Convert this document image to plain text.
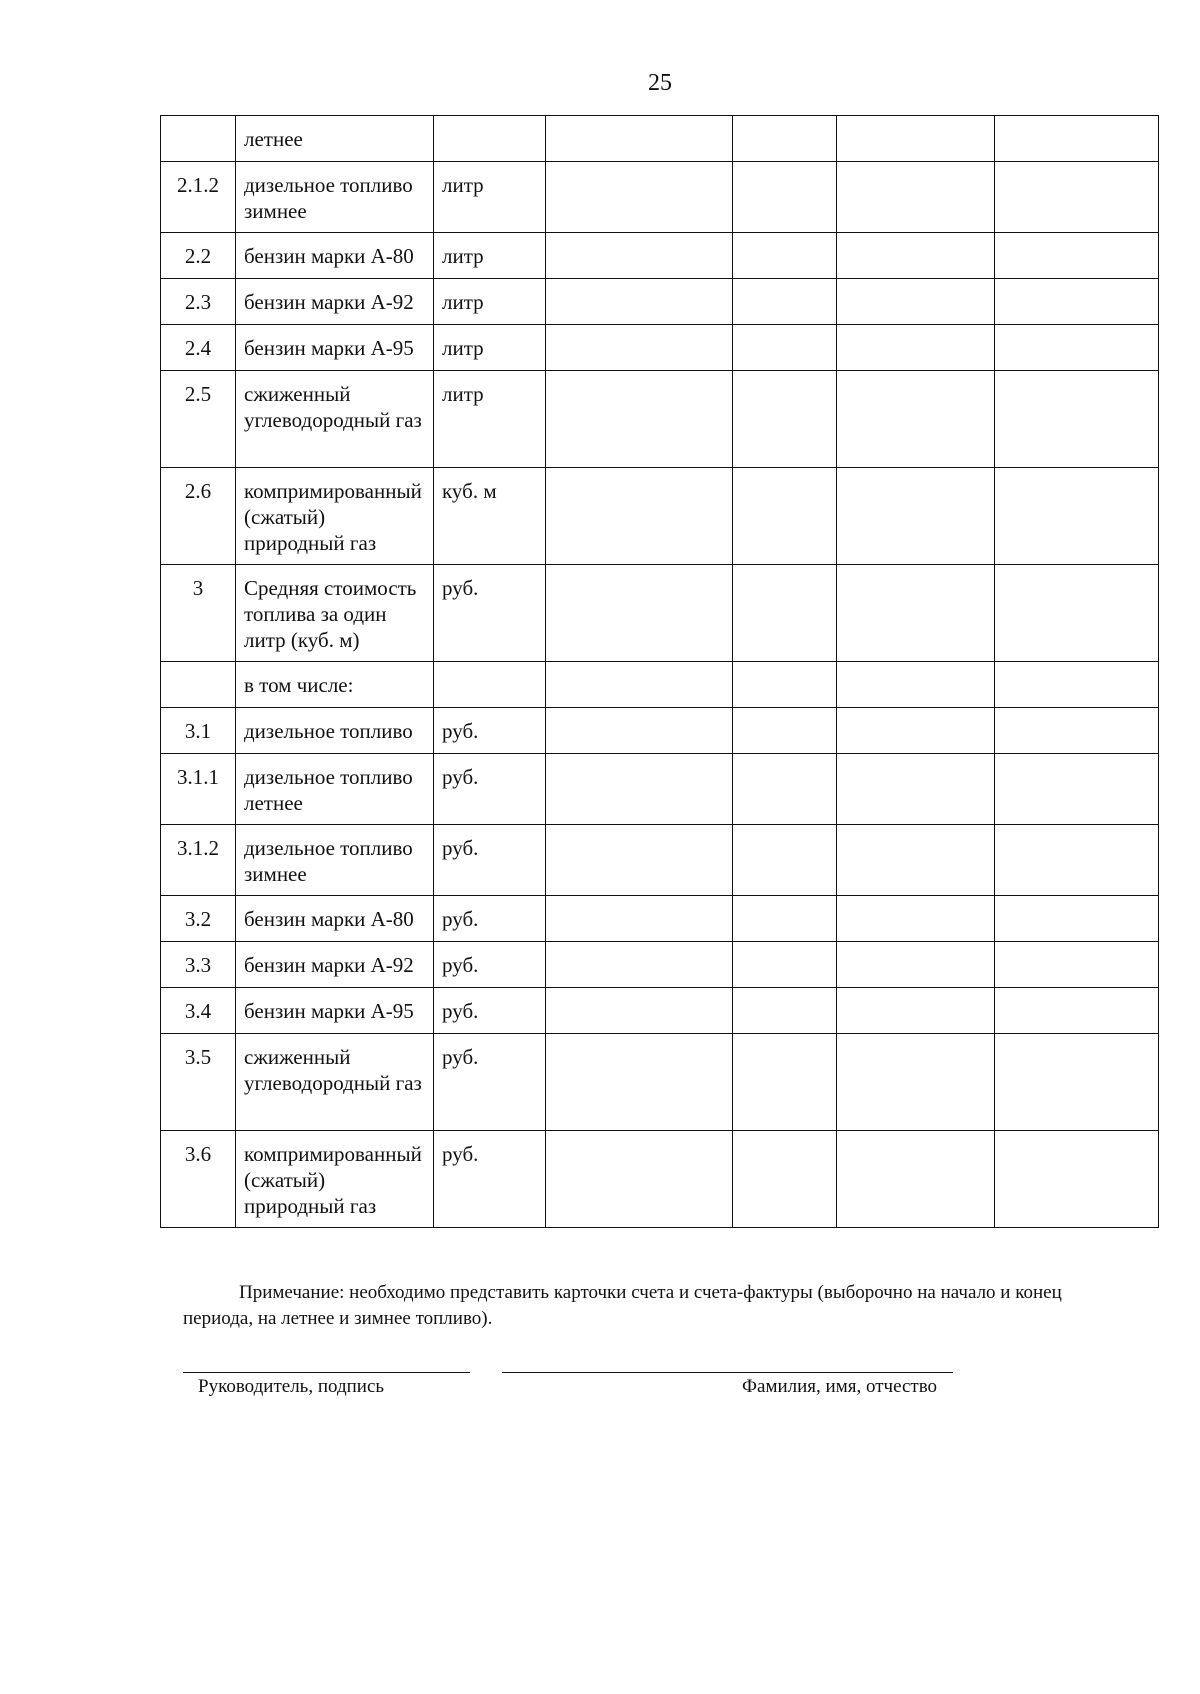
25
	летнее					
2.1.2	дизельное топливо зимнее	литр				
2.2	бензин марки А-80	литр				
2.3	бензин марки А-92	литр				
2.4	бензин марки А-95	литр				
2.5	сжиженный углеводородный газ	литр				
2.6	компримированный (сжатый) природный газ	куб. м				
3	Средняя стоимость топлива за один литр (куб. м)	руб.				
	в том числе:					
3.1	дизельное топливо	руб.				
3.1.1	дизельное топливо летнее	руб.				
3.1.2	дизельное топливо зимнее	руб.				
3.2	бензин марки А-80	руб.				
3.3	бензин марки А-92	руб.				
3.4	бензин марки А-95	руб.				
3.5	сжиженный углеводородный газ	руб.				
3.6	компримированный (сжатый) природный газ	руб.				

Примечание: необходимо представить карточки счета и счета-фактуры (выборочно на начало и конец периода, на летнее и зимнее топливо).

Руководитель, подпись	Фамилия, имя, отчество
